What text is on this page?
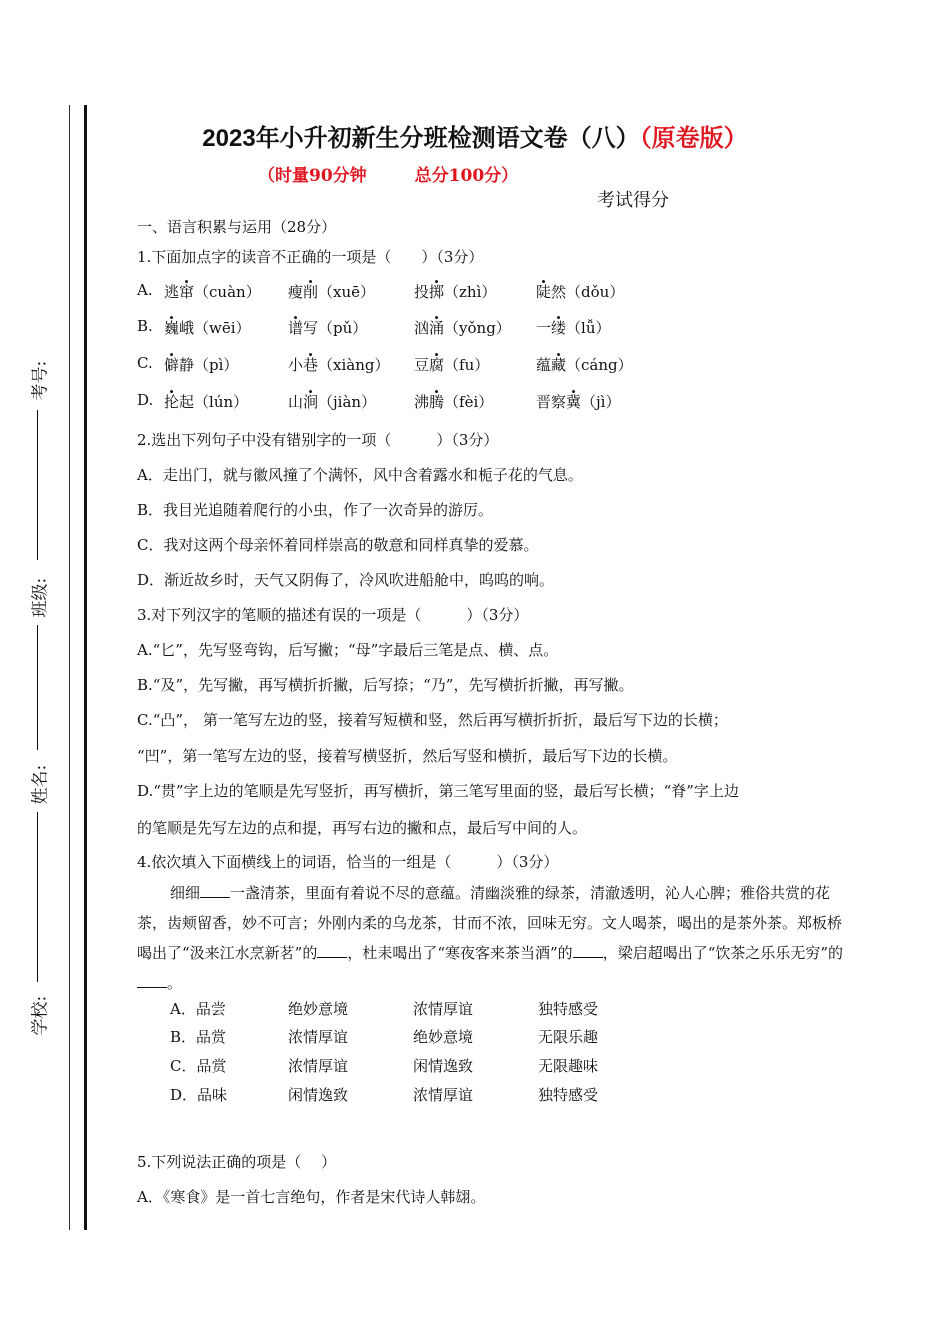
考号:
班级:
姓名:
学校:
2023年小升初新生分班检测语文卷（八）（原卷版）
（时量90分钟	总分100分）
考试得分
一、语言积累与运用（28分）
1.下面加点字的读音不正确的一项是（　　）（3分）
A. 逃窜（cuàn） 瘦削（xuē）	投掷（zhì）	陡然（dǒu）
B. 巍峨（wēi） 谱写（pǔ）	汹涌（yǒng） 一缕（lǚ）
C. 僻静（pì）	小巷（xiàng） 豆腐（fu）	蕴藏（cáng）
D. 抡起（lún）	山涧（jiàn）	沸腾（fèi）	晋察冀（jì）
2.选出下列句子中没有错别字的一项（　　　）（3分）
A．走出门，就与徽风撞了个满怀，风中含着露水和栀子花的气息。
B．我目光追随着爬行的小虫，作了一次奇异的游厉。
C．我对这两个母亲怀着同样崇高的敬意和同样真挚的爱慕。
D．渐近故乡时，天气又阴侮了，冷风吹进船舱中，呜呜的响。
3.对下列汉字的笔顺的描述有误的一项是（　　　）（3分）
A.“匕”，先写竖弯钩，后写撇；“母”字最后三笔是点、横、点。
B.“及”，先写撇，再写横折折撇，后写捺；“乃”，先写横折折撇，再写撇。
C.“凸”， 第一笔写左边的竖，接着写短横和竖，然后再写横折折折，最后写下边的长横；
“凹”，第一笔写左边的竖，接着写横竖折，然后写竖和横折，最后写下边的长横。
D.“贯”字上边的笔顺是先写竖折，再写横折，第三笔写里面的竖，最后写长横；“脊”字上边
的笔顺是先写左边的点和提，再写右边的撇和点，最后写中间的人。
4.依次填入下面横线上的词语，恰当的一组是（　　　）（3分）
细细 一盏清茶，里面有着说不尽的意蕴。清幽淡雅的绿茶，清澈透明，沁人心脾；雅俗共赏的花茶，齿颊留香，妙不可言；外刚内柔的乌龙茶，甘而不浓，回味无穷。文人喝茶，喝出的是茶外茶。郑板桥喝出了“汲来江水烹新茗”的 ，杜耒喝出了“寒夜客来茶当酒”的 ，梁启超喝出了“饮茶之乐乐无穷”的。
A．品尝	绝妙意境	浓情厚谊	独特感受
B．品赏	浓情厚谊	绝妙意境	无限乐趣
C．品赏	浓情厚谊	闲情逸致	无限趣味
D．品味	闲情逸致	浓情厚谊	独特感受
5.下列说法正确的项是（　 ）
A．《寒食》是一首七言绝句，作者是宋代诗人韩翃。
